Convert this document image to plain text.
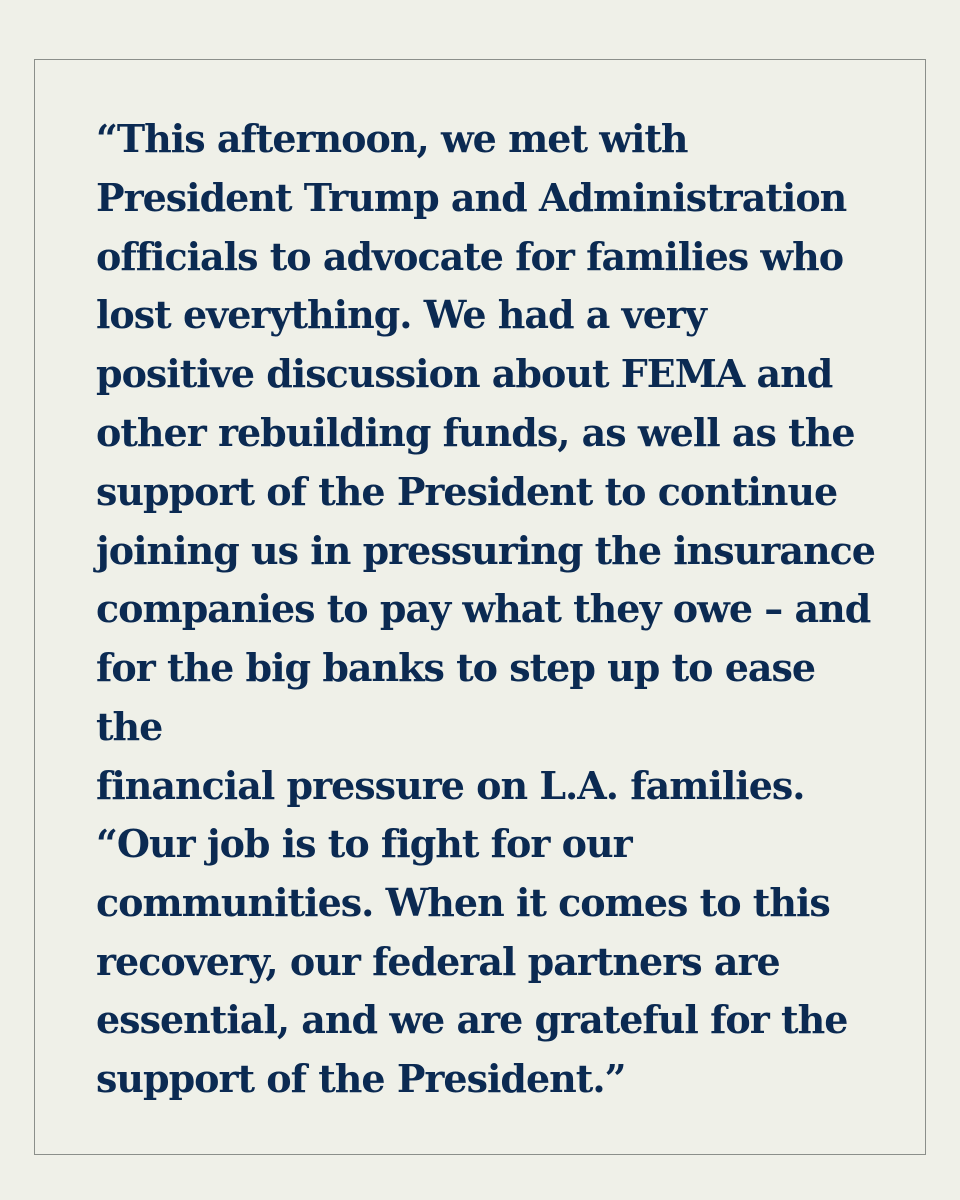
“This afternoon, we met with
President Trump and Administration
officials to advocate for families who
lost everything. We had a very
positive discussion about FEMA and
other rebuilding funds, as well as the
support of the President to continue
joining us in pressuring the insurance
companies to pay what they owe – and
for the big banks to step up to ease the
financial pressure on L.A. families.

“Our job is to fight for our
communities. When it comes to this
recovery, our federal partners are
essential, and we are grateful for the
support of the President.”
